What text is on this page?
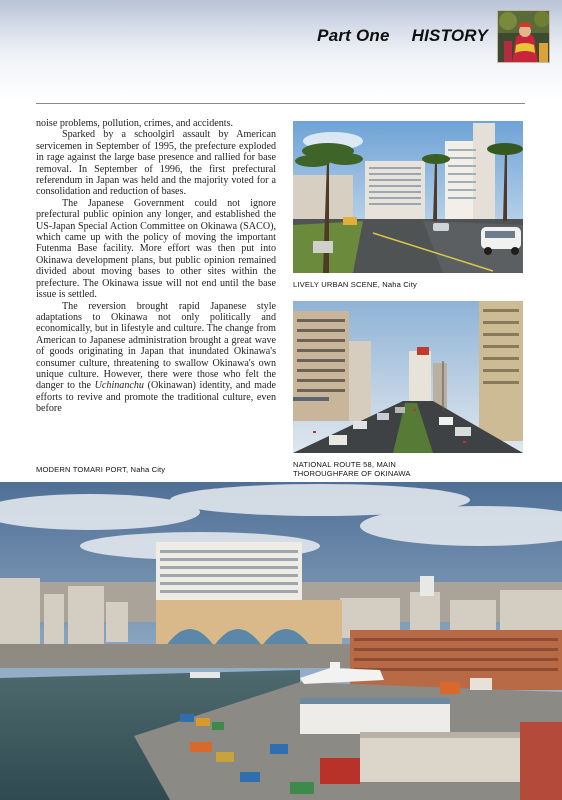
Part One HISTORY

noise problems, pollution, crimes, and accidents.

Sparked by a schoolgirl assault by American servicemen in September of 1995, the prefecture exploded in rage against the large base presence and rallied for base removal. In September of 1996, the first prefectural referendum in Japan was held and the majority voted for a consolidation and reduction of bases.

The Japanese Government could not ignore prefectural public opinion any longer, and established the US-Japan Special Action Committee on Okinawa (SACO), which came up with the policy of moving the important Futenma Base facility. More effort was then put into Okinawa development plans, but public opinion remained divided about moving bases to other sites within the prefecture. The Okinawa issue will not end until the base issue is settled.

The reversion brought rapid Japanese style adaptations to Okinawa not only politically and economically, but in lifestyle and culture. The change from American to Japanese administration brought a great wave of goods originating in Japan that inundated Okinawa's consumer culture, threatening to swallow Okinawa's own unique culture. However, there were those who felt the danger to the Uchinanchu (Okinawan) identity, and made efforts to revive and promote the traditional culture, even before

LIVELY URBAN SCENE, Naha City
NATIONAL ROUTE 58, MAIN THOROUGHFARE OF OKINAWA
MODERN TOMARI PORT, Naha City
